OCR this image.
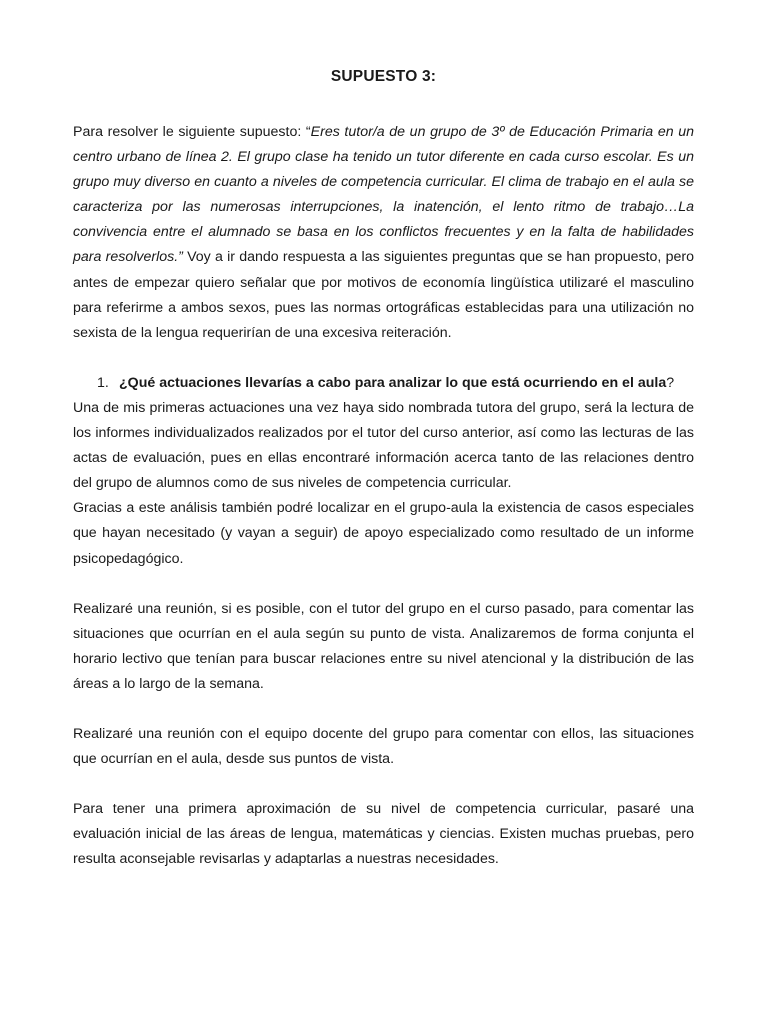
SUPUESTO 3:

Para resolver le siguiente supuesto: “Eres tutor/a de un grupo de 3º de Educación Primaria en un centro urbano de línea 2. El grupo clase ha tenido un tutor diferente en cada curso escolar. Es un grupo muy diverso en cuanto a niveles de competencia curricular. El clima de trabajo en el aula se caracteriza por las numerosas interrupciones, la inatención, el lento ritmo de trabajo…La convivencia entre el alumnado se basa en los conflictos frecuentes y en la falta de habilidades para resolverlos.” Voy a ir dando respuesta a las siguientes preguntas que se han propuesto, pero antes de empezar quiero señalar que por motivos de economía lingüística utilizaré el masculino para referirme a ambos sexos, pues las normas ortográficas establecidas para una utilización no sexista de la lengua requerirían de una excesiva reiteración.

1. ¿Qué actuaciones llevarías a cabo para analizar lo que está ocurriendo en el aula?

Una de mis primeras actuaciones una vez haya sido nombrada tutora del grupo, será la lectura de los informes individualizados realizados por el tutor del curso anterior, así como las lecturas de las actas de evaluación, pues en ellas encontraré información acerca tanto de las relaciones dentro del grupo de alumnos como de sus niveles de competencia curricular.

Gracias a este análisis también podré localizar en el grupo-aula la existencia de casos especiales que hayan necesitado (y vayan a seguir) de apoyo especializado como resultado de un informe psicopedagógico.

Realizaré una reunión, si es posible, con el tutor del grupo en el curso pasado, para comentar las situaciones que ocurrían en el aula según su punto de vista. Analizaremos de forma conjunta el horario lectivo que tenían para buscar relaciones entre su nivel atencional y la distribución de las áreas a lo largo de la semana.

Realizaré una reunión con el equipo docente del grupo para comentar con ellos, las situaciones que ocurrían en el aula, desde sus puntos de vista.

Para tener una primera aproximación de su nivel de competencia curricular, pasaré una evaluación inicial de las áreas de lengua, matemáticas y ciencias. Existen muchas pruebas, pero resulta aconsejable revisarlas y adaptarlas a nuestras necesidades.
